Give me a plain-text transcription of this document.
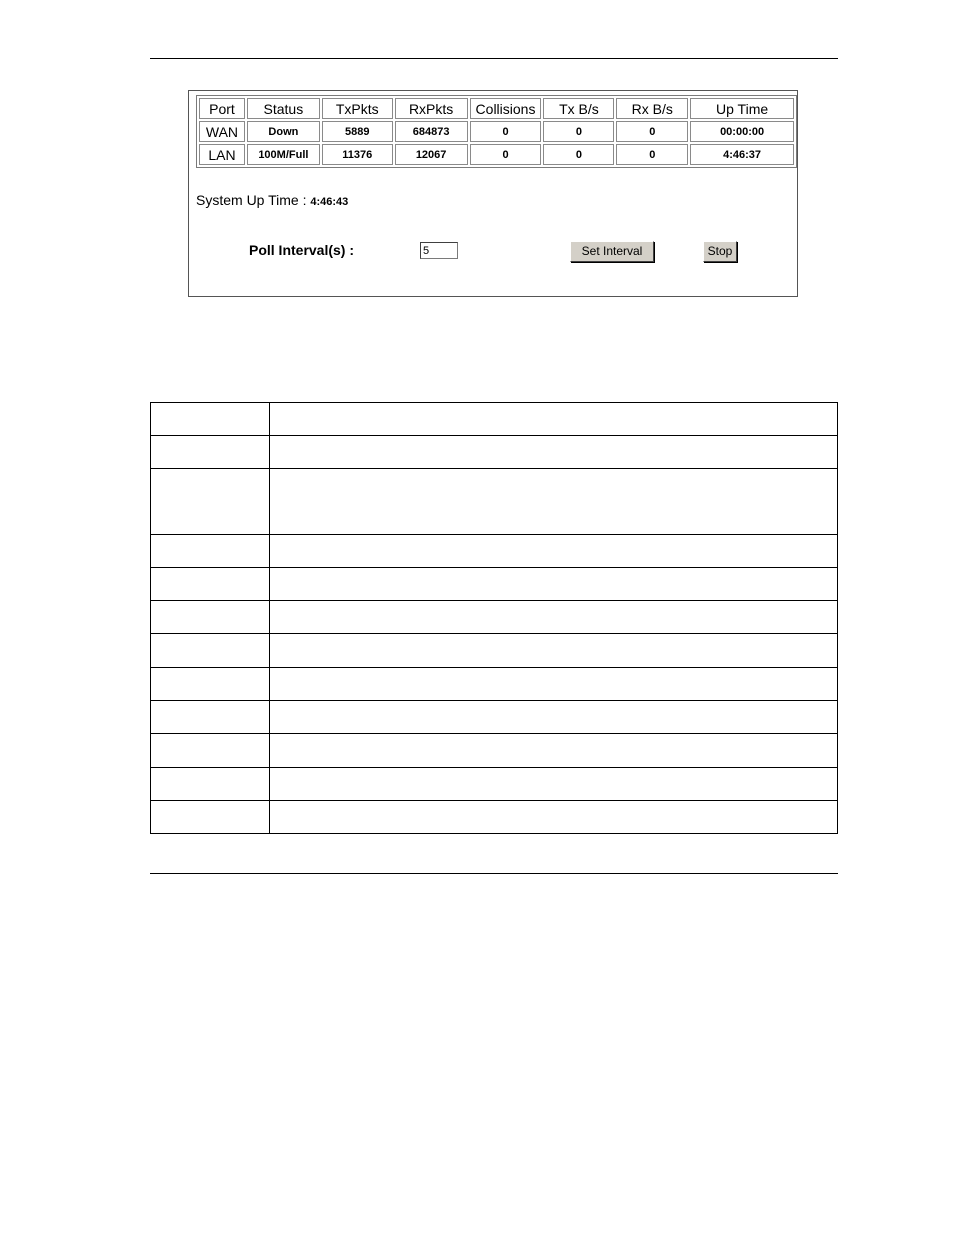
Port	Status	TxPkts	RxPkts	Collisions	Tx B/s	Rx B/s	Up Time
WAN	Down	5889	684873	0	0	0	00:00:00
LAN	100M/Full	11376	12067	0	0	0	4:46:37
System Up Time : 4:46:43
Poll Interval(s) :
5	Set Interval	Stop
